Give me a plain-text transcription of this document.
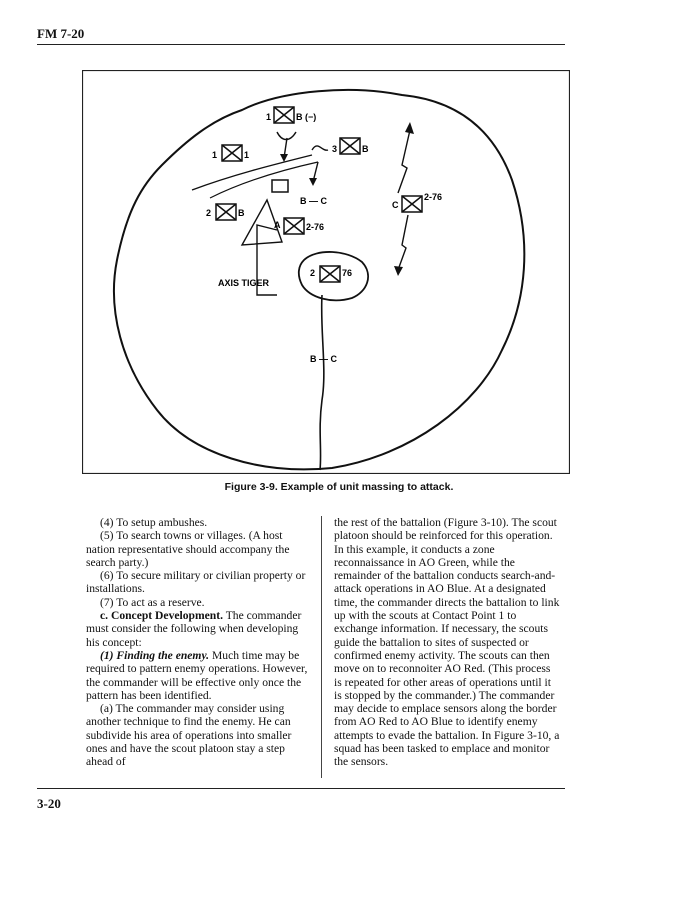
FM 7-20
B (−)
1
1	1
3	B
2	B
A
B — C
2-76
C
2-76
2	76
AXIS TIGER
B — C
Figure 3-9. Example of unit massing to attack.

(4) To setup ambushes.

(5) To search towns or villages. (A host nation representative should accompany the search party.)

(6) To secure military or civilian property or installations.

(7) To act as a reserve.

c. Concept Development. The commander must consider the following when developing his concept:

(1) Finding the enemy. Much time may be required to pattern enemy operations. However, the commander will be effective only once the pattern has been identified.

(a) The commander may consider using another technique to find the enemy. He can subdivide his area of operations into smaller ones and have the scout platoon stay a step ahead of

the rest of the battalion (Figure 3-10). The scout platoon should be reinforced for this operation. In this example, it conducts a zone reconnaissance in AO Green, while the remainder of the battalion conducts search-and-attack operations in AO Blue. At a designated time, the commander directs the battalion to link up with the scouts at Contact Point 1 to exchange information. If necessary, the scouts guide the battalion to sites of suspected or confirmed enemy activity. The scouts can then move on to reconnoiter AO Red. (This process is repeated for other areas of operations until it is stopped by the commander.) The commander may decide to emplace sensors along the border from AO Red to AO Blue to identify enemy attempts to evade the battalion. In Figure 3-10, a squad has been tasked to emplace and monitor the sensors.

3-20
